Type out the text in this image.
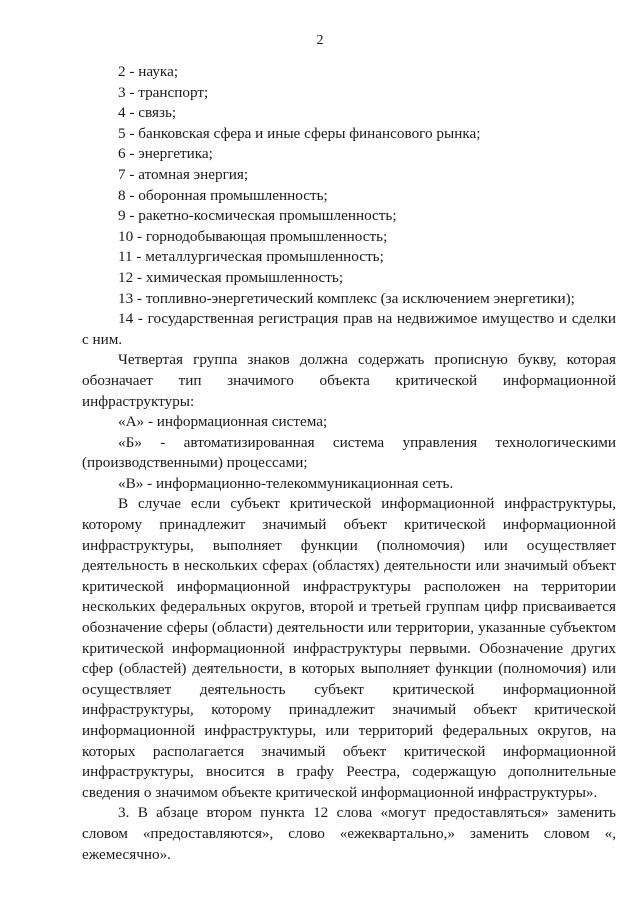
2

2 - наука;

3 - транспорт;

4 - связь;

5 - банковская сфера и иные сферы финансового рынка;

6 - энергетика;

7 - атомная энергия;

8 - оборонная промышленность;

9 - ракетно-космическая промышленность;

10 - горнодобывающая промышленность;

11 - металлургическая промышленность;

12 - химическая промышленность;

13 - топливно-энергетический комплекс (за исключением энергетики);

14 - государственная регистрация прав на недвижимое имущество и сделки с ним.

Четвертая группа знаков должна содержать прописную букву, которая обозначает тип значимого объекта критической информационной инфраструктуры:

«А» - информационная система;

«Б» - автоматизированная система управления технологическими (производственными) процессами;

«В» - информационно-телекоммуникационная сеть.

В случае если субъект критической информационной инфраструктуры, которому принадлежит значимый объект критической информационной инфраструктуры, выполняет функции (полномочия) или осуществляет деятельность в нескольких сферах (областях) деятельности или значимый объект критической информационной инфраструктуры расположен на территории нескольких федеральных округов, второй и третьей группам цифр присваивается обозначение сферы (области) деятельности или территории, указанные субъектом критической информационной инфраструктуры первыми. Обозначение других сфер (областей) деятельности, в которых выполняет функции (полномочия) или осуществляет деятельность субъект критической информационной инфраструктуры, которому принадлежит значимый объект критической информационной инфраструктуры, или территорий федеральных округов, на которых располагается значимый объект критической информационной инфраструктуры, вносится в графу Реестра, содержащую дополнительные сведения о значимом объекте критической информационной инфраструктуры».

3. В абзаце втором пункта 12 слова «могут предоставляться» заменить словом «предоставляются», слово «ежеквартально,» заменить словом «, ежемесячно».
